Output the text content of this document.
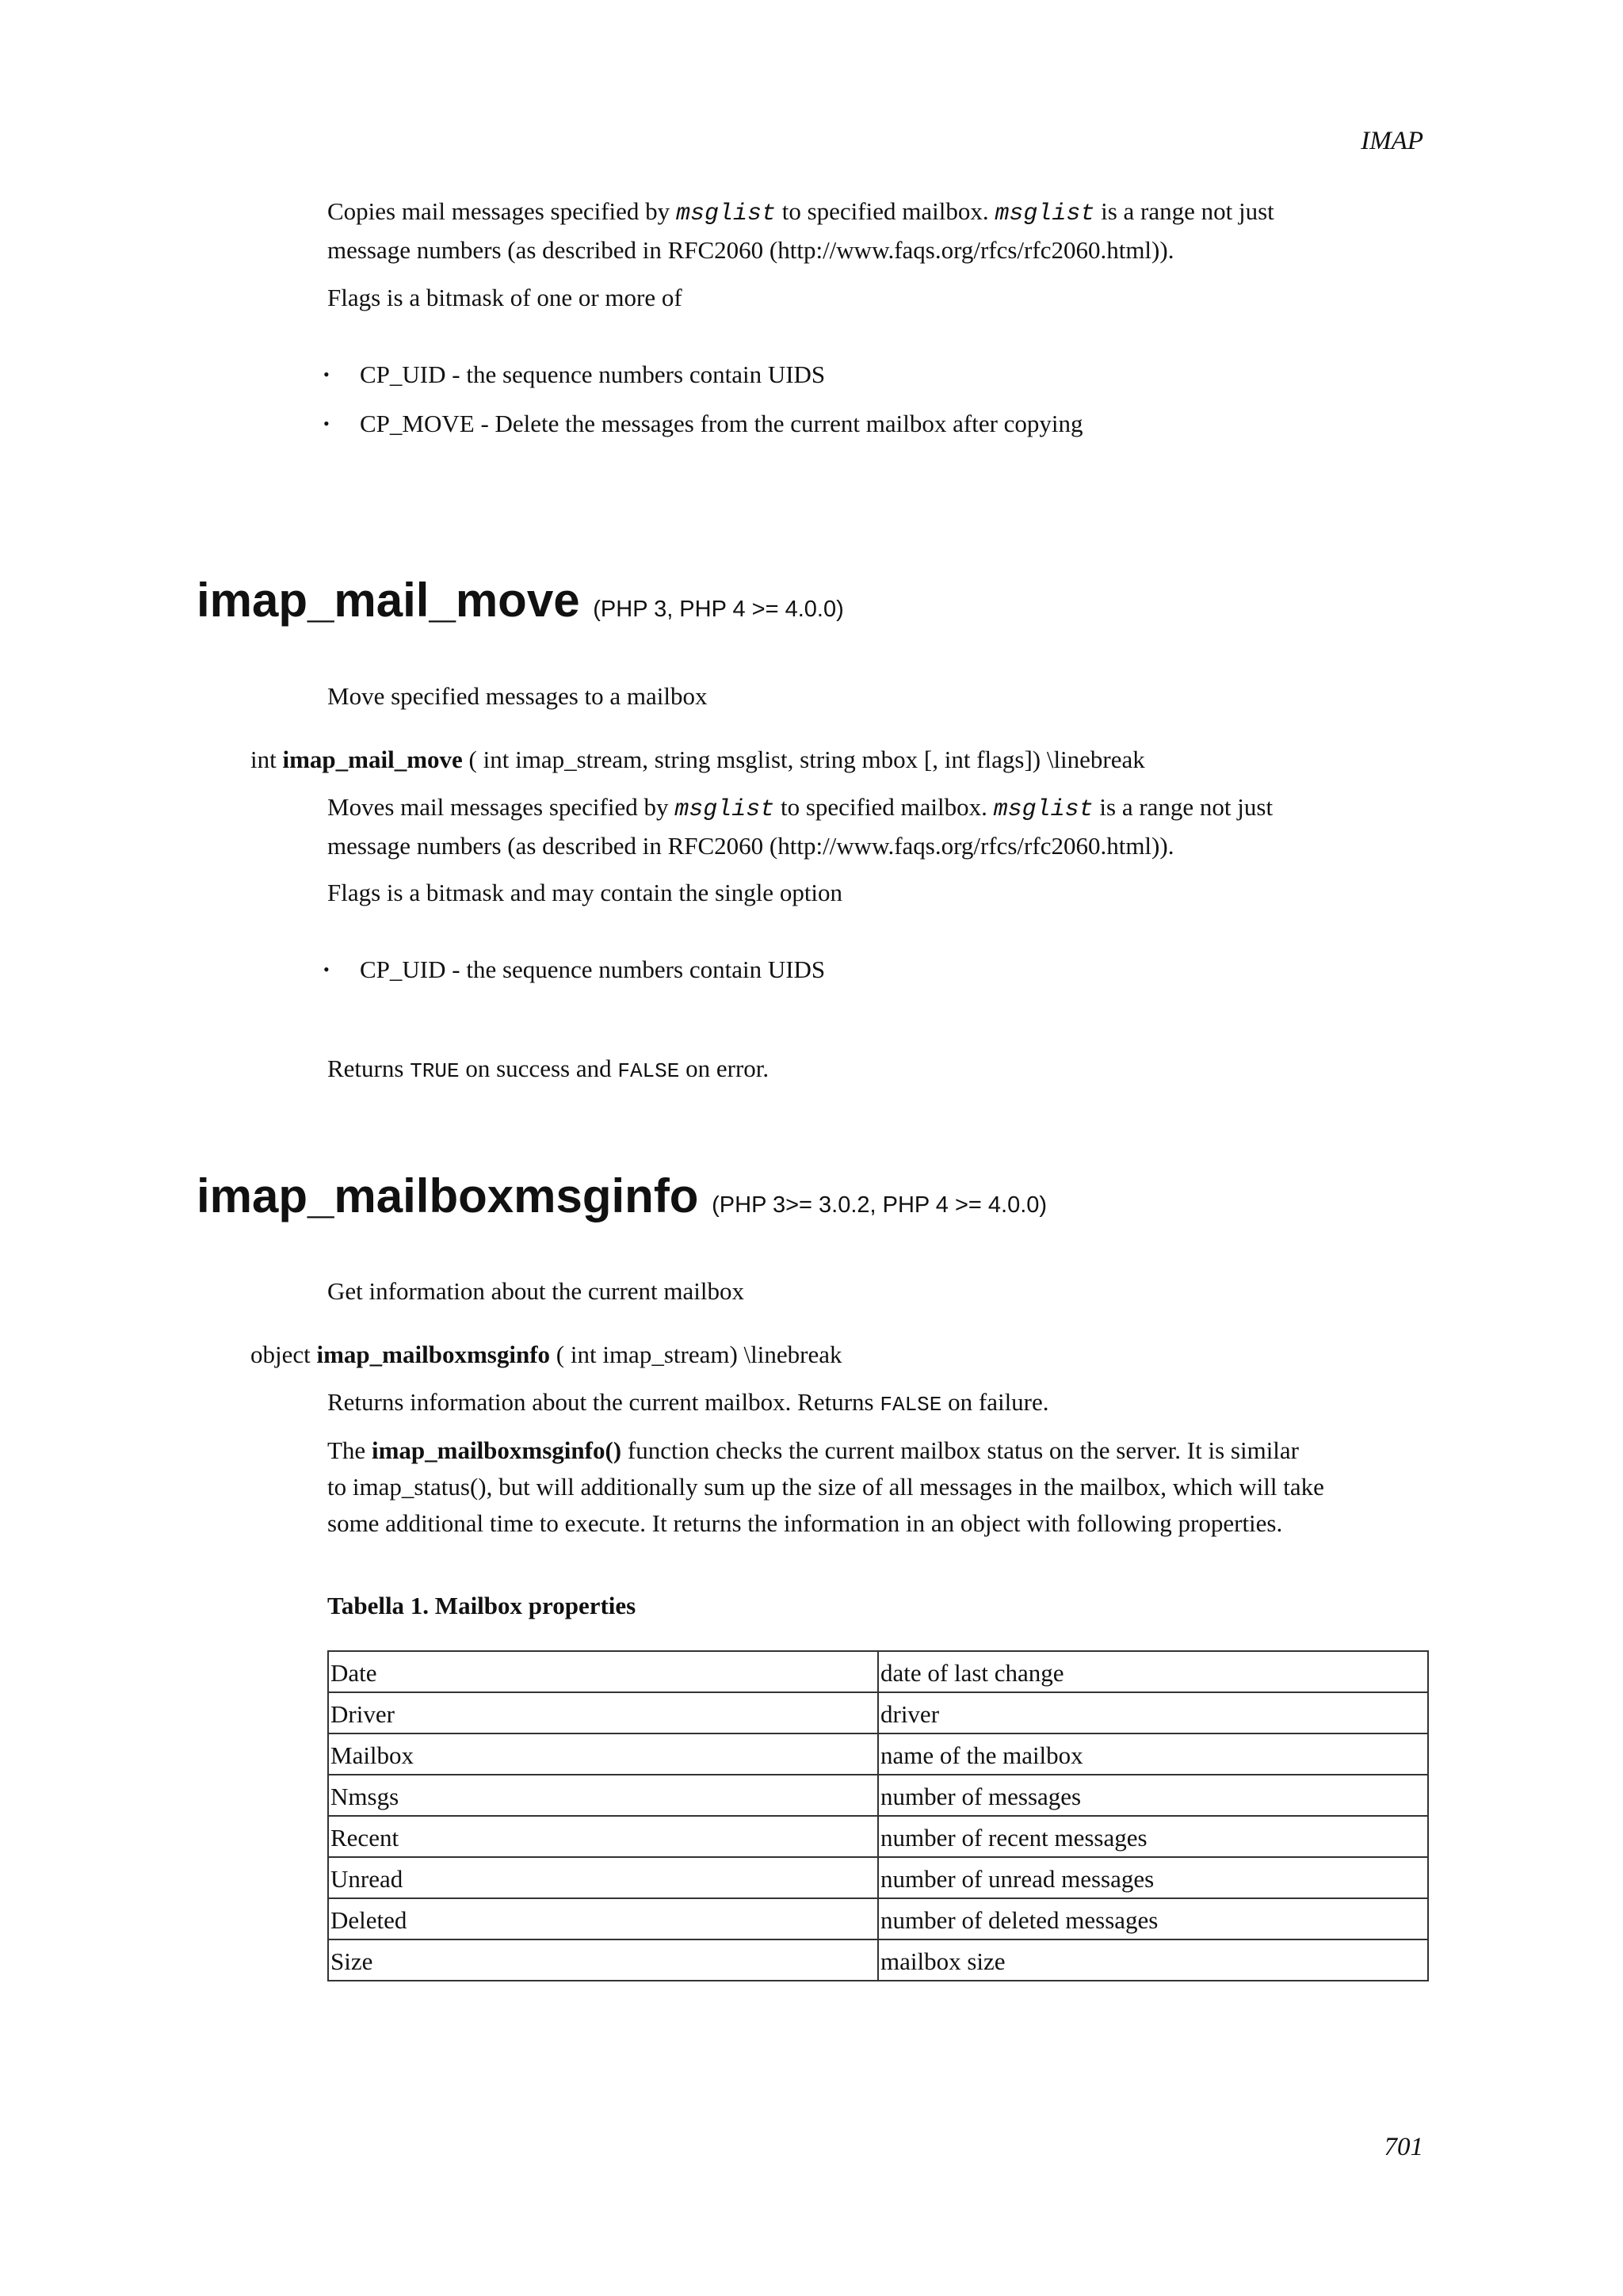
IMAP
Copies mail messages specified by msglist to specified mailbox. msglist is a range not just
message numbers (as described in RFC2060 (http://www.faqs.org/rfcs/rfc2060.html)).
Flags is a bitmask of one or more of
• CP_UID - the sequence numbers contain UIDS
• CP_MOVE - Delete the messages from the current mailbox after copying
imap_mail_move (PHP 3, PHP 4 >= 4.0.0)
Move specified messages to a mailbox
int imap_mail_move ( int imap_stream, string msglist, string mbox [, int flags]) \linebreak
Moves mail messages specified by msglist to specified mailbox. msglist is a range not just
message numbers (as described in RFC2060 (http://www.faqs.org/rfcs/rfc2060.html)).
Flags is a bitmask and may contain the single option
• CP_UID - the sequence numbers contain UIDS
Returns TRUE on success and FALSE on error.
imap_mailboxmsginfo (PHP 3>= 3.0.2, PHP 4 >= 4.0.0)
Get information about the current mailbox
object imap_mailboxmsginfo ( int imap_stream) \linebreak
Returns information about the current mailbox. Returns FALSE on failure.
The imap_mailboxmsginfo() function checks the current mailbox status on the server. It is similar
to imap_status(), but will additionally sum up the size of all messages in the mailbox, which will take
some additional time to execute. It returns the information in an object with following properties.
Tabella 1. Mailbox properties
Date	date of last change
Driver	driver
Mailbox	name of the mailbox
Nmsgs	number of messages
Recent	number of recent messages
Unread	number of unread messages
Deleted	number of deleted messages
Size	mailbox size
701
